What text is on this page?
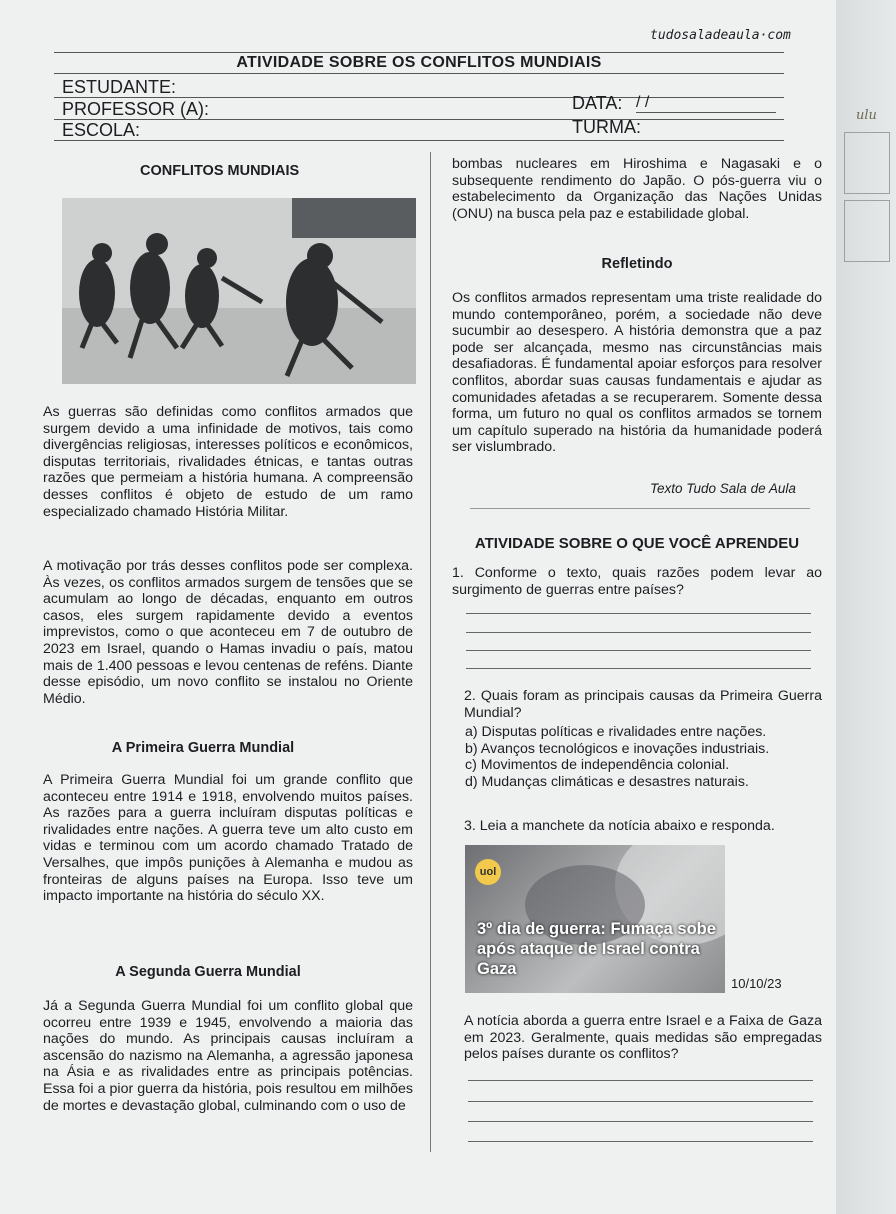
ulu
tudosaladeaula·com
ATIVIDADE SOBRE OS CONFLITOS MUNDIAIS
ESTUDANTE:
PROFESSOR (A):	DATA: / /
ESCOLA:	TURMA:
CONFLITOS MUNDIAIS

As guerras são definidas como conflitos armados que surgem devido a uma infinidade de motivos, tais como divergências religiosas, interesses políticos e econômicos, disputas territoriais, rivalidades étnicas, e tantas outras razões que permeiam a história humana. A compreensão desses conflitos é objeto de estudo de um ramo especializado chamado História Militar.

A motivação por trás desses conflitos pode ser complexa. Às vezes, os conflitos armados surgem de tensões que se acumulam ao longo de décadas, enquanto em outros casos, eles surgem rapidamente devido a eventos imprevistos, como o que aconteceu em 7 de outubro de 2023 em Israel, quando o Hamas invadiu o país, matou mais de 1.400 pessoas e levou centenas de reféns. Diante desse episódio, um novo conflito se instalou no Oriente Médio.

A Primeira Guerra Mundial

A Primeira Guerra Mundial foi um grande conflito que aconteceu entre 1914 e 1918, envolvendo muitos países. As razões para a guerra incluíram disputas políticas e rivalidades entre nações. A guerra teve um alto custo em vidas e terminou com um acordo chamado Tratado de Versalhes, que impôs punições à Alemanha e mudou as fronteiras de alguns países na Europa. Isso teve um impacto importante na história do século XX.

A Segunda Guerra Mundial

Já a Segunda Guerra Mundial foi um conflito global que ocorreu entre 1939 e 1945, envolvendo a maioria das nações do mundo. As principais causas incluíram a ascensão do nazismo na Alemanha, a agressão japonesa na Ásia e as rivalidades entre as principais potências. Essa foi a pior guerra da história, pois resultou em milhões de mortes e devastação global, culminando com o uso de

bombas nucleares em Hiroshima e Nagasaki e o subsequente rendimento do Japão. O pós-guerra viu o estabelecimento da Organização das Nações Unidas (ONU) na busca pela paz e estabilidade global.

Refletindo

Os conflitos armados representam uma triste realidade do mundo contemporâneo, porém, a sociedade não deve sucumbir ao desespero. A história demonstra que a paz pode ser alcançada, mesmo nas circunstâncias mais desafiadoras. É fundamental apoiar esforços para resolver conflitos, abordar suas causas fundamentais e ajudar as comunidades afetadas a se recuperarem. Somente dessa forma, um futuro no qual os conflitos armados se tornem um capítulo superado na história da humanidade poderá ser vislumbrado.

Texto Tudo Sala de Aula
ATIVIDADE SOBRE O QUE VOCÊ APRENDEU

1. Conforme o texto, quais razões podem levar ao surgimento de guerras entre países?

2. Quais foram as principais causas da Primeira Guerra Mundial?

a) Disputas políticas e rivalidades entre nações.

b) Avanços tecnológicos e inovações industriais.

c) Movimentos de independência colonial.

d) Mudanças climáticas e desastres naturais.

3. Leia a manchete da notícia abaixo e responda.

uol
3º dia de guerra: Fumaça sobe após ataque de Israel contra Gaza
10/10/23

A notícia aborda a guerra entre Israel e a Faixa de Gaza em 2023. Geralmente, quais medidas são empregadas pelos países durante os conflitos?
